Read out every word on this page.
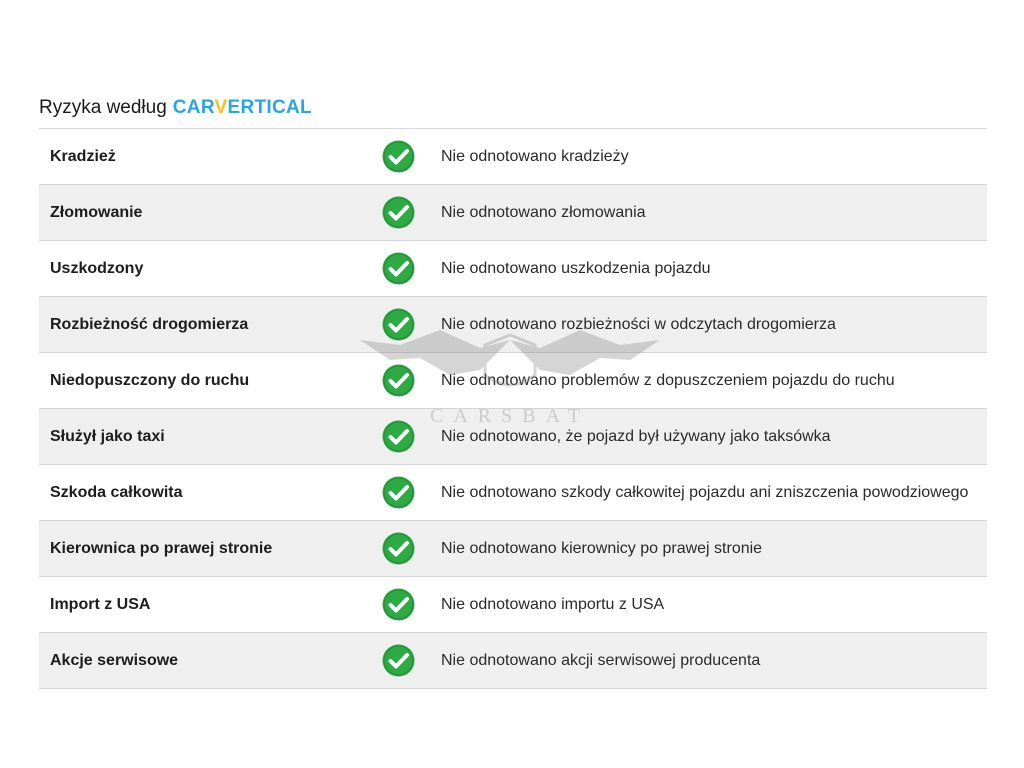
Ryzyka według CARVERTICAL
Kradzież	Nie odnotowano kradzieży
Złomowanie	Nie odnotowano złomowania
Uszkodzony	Nie odnotowano uszkodzenia pojazdu
Rozbieżność drogomierza	Nie odnotowano rozbieżności w odczytach drogomierza
Niedopuszczony do ruchu	Nie odnotowano problemów z dopuszczeniem pojazdu do ruchu
Służył jako taxi	Nie odnotowano, że pojazd był używany jako taksówka
Szkoda całkowita	Nie odnotowano szkody całkowitej pojazdu ani zniszczenia powodziowego
Kierownica po prawej stronie	Nie odnotowano kierownicy po prawej stronie
Import z USA	Nie odnotowano importu z USA
Akcje serwisowe	Nie odnotowano akcji serwisowej producenta
CARSBAT
